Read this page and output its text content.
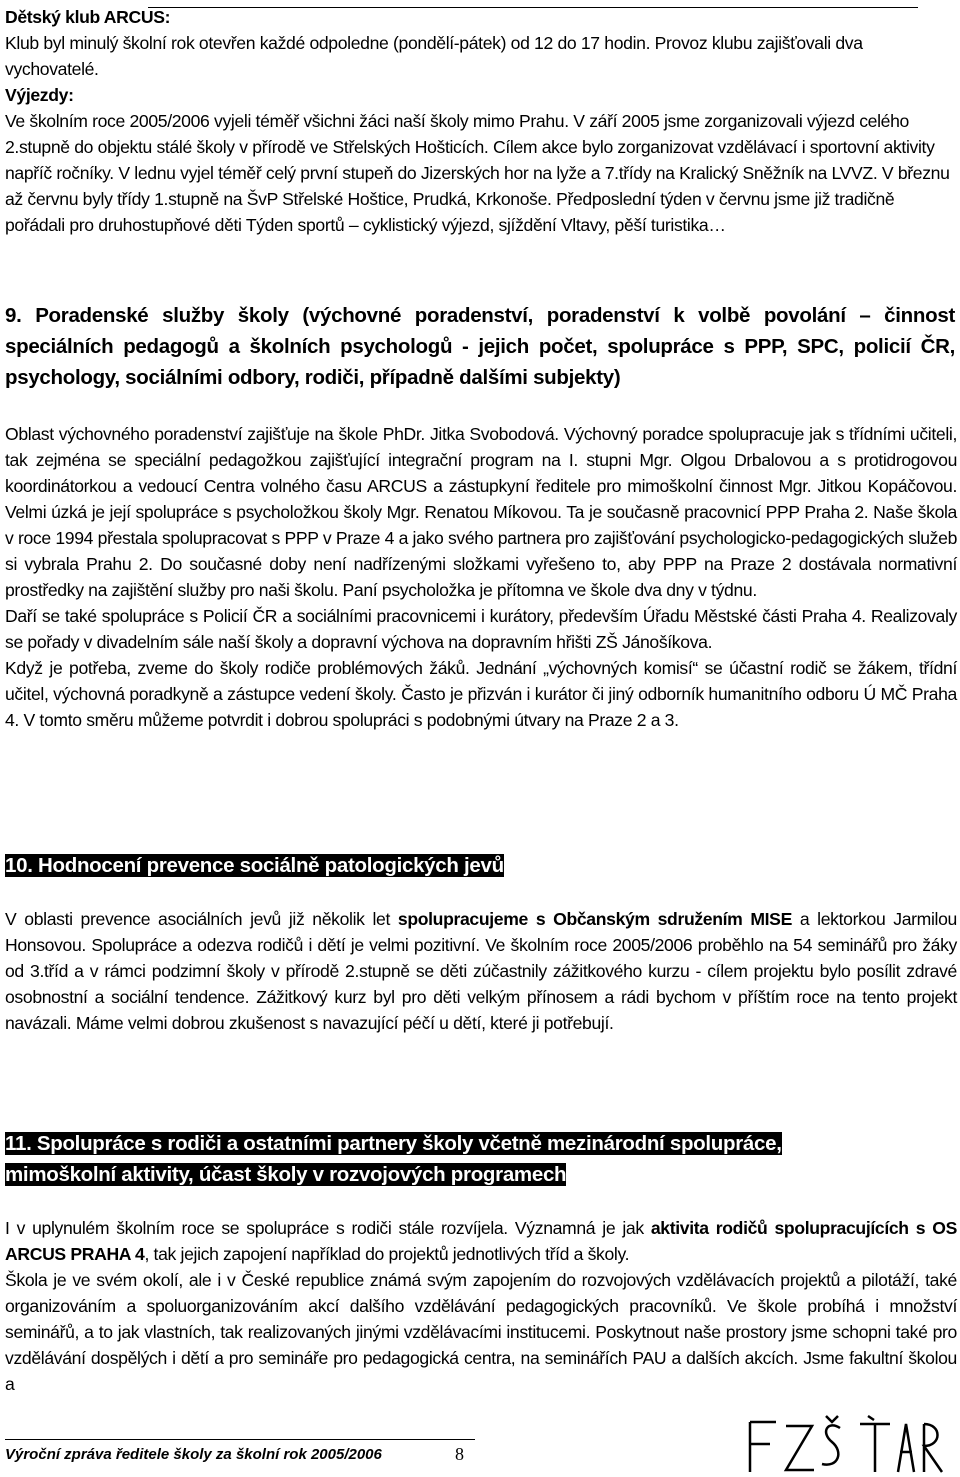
Dětský klub ARCUS:

Klub byl minulý školní rok otevřen každé odpoledne (pondělí-pátek) od 12 do 17 hodin. Provoz klubu zajišťovali dva vychovatelé.

Výjezdy:

Ve školním roce 2005/2006 vyjeli téměř všichni žáci naší školy mimo Prahu. V září 2005 jsme zorganizovali výjezd celého 2.stupně do objektu stálé školy v přírodě ve Střelských Hošticích. Cílem akce bylo zorganizovat vzdělávací i sportovní aktivity napříč ročníky. V lednu vyjel téměř celý první stupeň do Jizerských hor na lyže a 7.třídy na Kralický Sněžník na LVVZ. V březnu až červnu byly třídy 1.stupně na ŠvP Střelské Hoštice, Prudká, Krkonoše. Předposlední týden v červnu jsme již tradičně pořádali pro druhostupňové děti Týden sportů – cyklistický výjezd, sjíždění Vltavy, pěší turistika…

9. Poradenské služby školy (výchovné poradenství, poradenství k volbě povolání – činnost speciálních pedagogů a školních psychologů - jejich počet, spolupráce s PPP, SPC, policií ČR, psychology, sociálními odbory, rodiči, případně dalšími subjekty)

Oblast výchovného poradenství zajišťuje na škole PhDr. Jitka Svobodová. Výchovný poradce spolupracuje jak s třídními učiteli, tak zejména se speciální pedagožkou zajišťující integrační program na I. stupni Mgr. Olgou Drbalovou a s protidrogovou koordinátorkou a vedoucí Centra volného času ARCUS a zástupkyní ředitele pro mimoškolní činnost Mgr. Jitkou Kopáčovou. Velmi úzká je její spolupráce s psycholožkou školy Mgr. Renatou Míkovou. Ta je současně pracovnicí PPP Praha 2. Naše škola v roce 1994 přestala spolupracovat s PPP v Praze 4 a jako svého partnera pro zajišťování psychologicko-pedagogických služeb si vybrala Prahu 2. Do současné doby není nadřízenými složkami vyřešeno to, aby PPP na Praze 2 dostávala normativní prostředky na zajištění služby pro naši školu. Paní psycholožka je přítomna ve škole dva dny v týdnu.

Daří se také spolupráce s Policií ČR a sociálními pracovnicemi i kurátory, především Úřadu Městské části Praha 4. Realizovaly se pořady v divadelním sále naší školy a dopravní výchova na dopravním hřišti ZŠ Jánošíkova.

Když je potřeba, zveme do školy rodiče problémových žáků. Jednání „výchovných komisí“ se účastní rodič se žákem, třídní učitel, výchovná poradkyně a zástupce vedení školy. Často je přizván i kurátor či jiný odborník humanitního odboru Ú MČ Praha 4. V tomto směru můžeme potvrdit i dobrou spolupráci s podobnými útvary na Praze 2 a 3.

10. Hodnocení prevence sociálně patologických jevů

V oblasti prevence asociálních jevů již několik let spolupracujeme s Občanským sdružením MISE a lektorkou Jarmilou Honsovou. Spolupráce a odezva rodičů i dětí je velmi pozitivní. Ve školním roce 2005/2006 proběhlo na 54 seminářů pro žáky od 3.tříd a v rámci podzimní školy v přírodě 2.stupně se děti zúčastnily zážitkového kurzu - cílem projektu bylo posílit zdravé osobnostní a sociální tendence. Zážitkový kurz byl pro děti velkým přínosem a rádi bychom v příštím roce na tento projekt navázali. Máme velmi dobrou zkušenost s navazující péčí u dětí, které ji potřebují.

11. Spolupráce s rodiči a ostatními partnery školy včetně mezinárodní spolupráce,
mimoškolní aktivity, účast školy v rozvojových programech

I v uplynulém školním roce se spolupráce s rodiči stále rozvíjela. Významná je jak aktivita rodičů spolupracujících s OS ARCUS PRAHA 4, tak jejich zapojení například do projektů jednotlivých tříd a školy.

Škola je ve svém okolí, ale i v České republice známá svým zapojením do rozvojových vzdělávacích projektů a pilotáží, také organizováním a spoluorganizováním akcí dalšího vzdělávání pedagogických pracovníků. Ve škole probíhá i množství seminářů, a to jak vlastních, tak realizovaných jinými vzdělávacími institucemi. Poskytnout naše prostory jsme schopni také pro vzdělávání dospělých i dětí a pro semináře pro pedagogická centra, na seminářích PAU a dalších akcích. Jsme fakultní školou a

Výroční zpráva ředitele školy za školní rok 2005/2006	8
